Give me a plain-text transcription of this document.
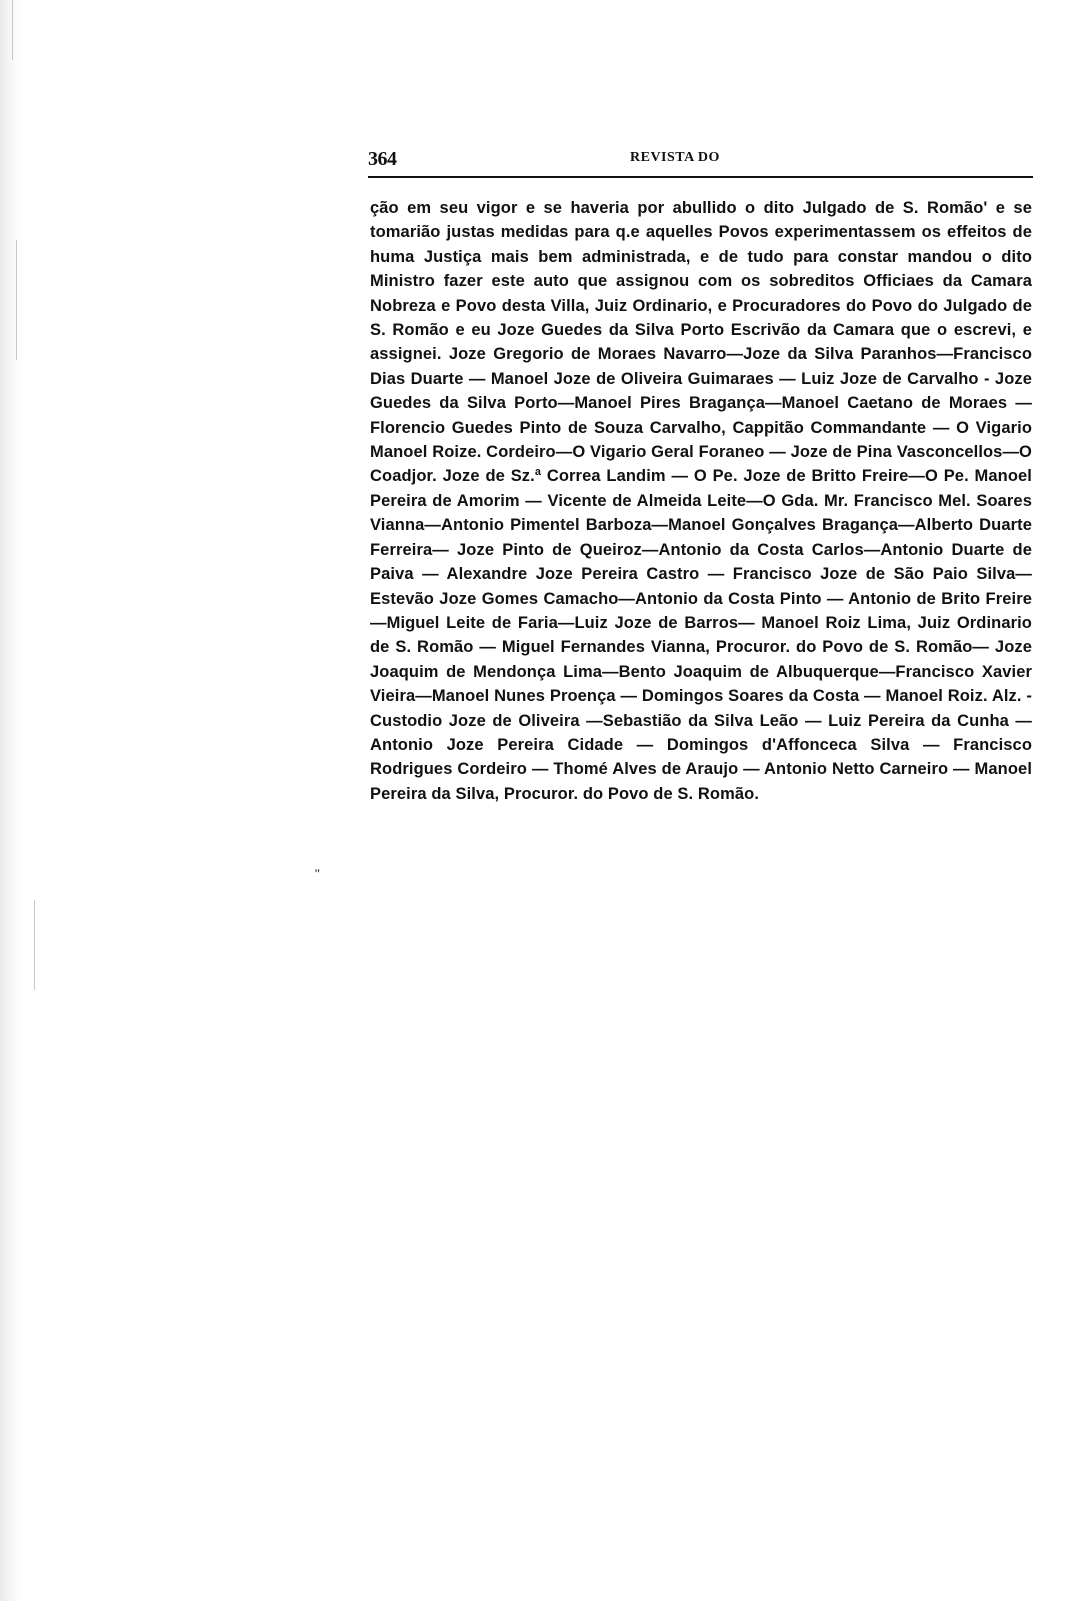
364	REVISTA DO

ção em seu vigor e se haveria por abullido o dito Julgado de S. Romão' e se tomarião justas medidas para q.e aquelles Povos experimentassem os effeitos de huma Justiça mais bem administrada, e de tudo para constar mandou o dito Ministro fazer este auto que assignou com os sobreditos Officiaes da Camara Nobreza e Povo desta Villa, Juiz Ordinario, e Procuradores do Povo do Julgado de S. Romão e eu Joze Guedes da Silva Porto Escrivão da Camara que o escrevi, e assignei. Joze Gregorio de Moraes Navarro—Joze da Silva Paranhos—Francisco Dias Duarte — Manoel Joze de Oliveira Guimaraes — Luiz Joze de Carvalho - Joze Guedes da Silva Porto—Manoel Pires Bragança—Manoel Caetano de Moraes — Florencio Guedes Pinto de Souza Carvalho, Cappitão Commandante — O Vigario Manoel Roize. Cordeiro—O Vigario Geral Foraneo — Joze de Pina Vasconcellos—O Coadjor. Joze de Sz.ª Correa Landim — O Pe. Joze de Britto Freire—O Pe. Manoel Pereira de Amorim — Vicente de Almeida Leite—O Gda. Mr. Francisco Mel. Soares Vianna—Antonio Pimentel Barboza—Manoel Gonçalves Bragança—Alberto Duarte Ferreira— Joze Pinto de Queiroz—Antonio da Costa Carlos—Antonio Duarte de Paiva — Alexandre Joze Pereira Castro — Francisco Joze de São Paio Silva— Estevão Joze Gomes Camacho—Antonio da Costa Pinto — Antonio de Brito Freire—Miguel Leite de Faria—Luiz Joze de Barros— Manoel Roiz Lima, Juiz Ordinario de S. Romão — Miguel Fernandes Vianna, Procuror. do Povo de S. Romão— Joze Joaquim de Mendonça Lima—Bento Joaquim de Albuquerque—Francisco Xavier Vieira—Manoel Nunes Proença — Domingos Soares da Costa — Manoel Roiz. Alz. - Custodio Joze de Oliveira —Sebastião da Silva Leão — Luiz Pereira da Cunha — Antonio Joze Pereira Cidade — Domingos d'Affonceca Silva — Francisco Rodrigues Cordeiro — Thomé Alves de Araujo — Antonio Netto Carneiro — Manoel Pereira da Silva, Procuror. do Povo de S. Romão.

"
